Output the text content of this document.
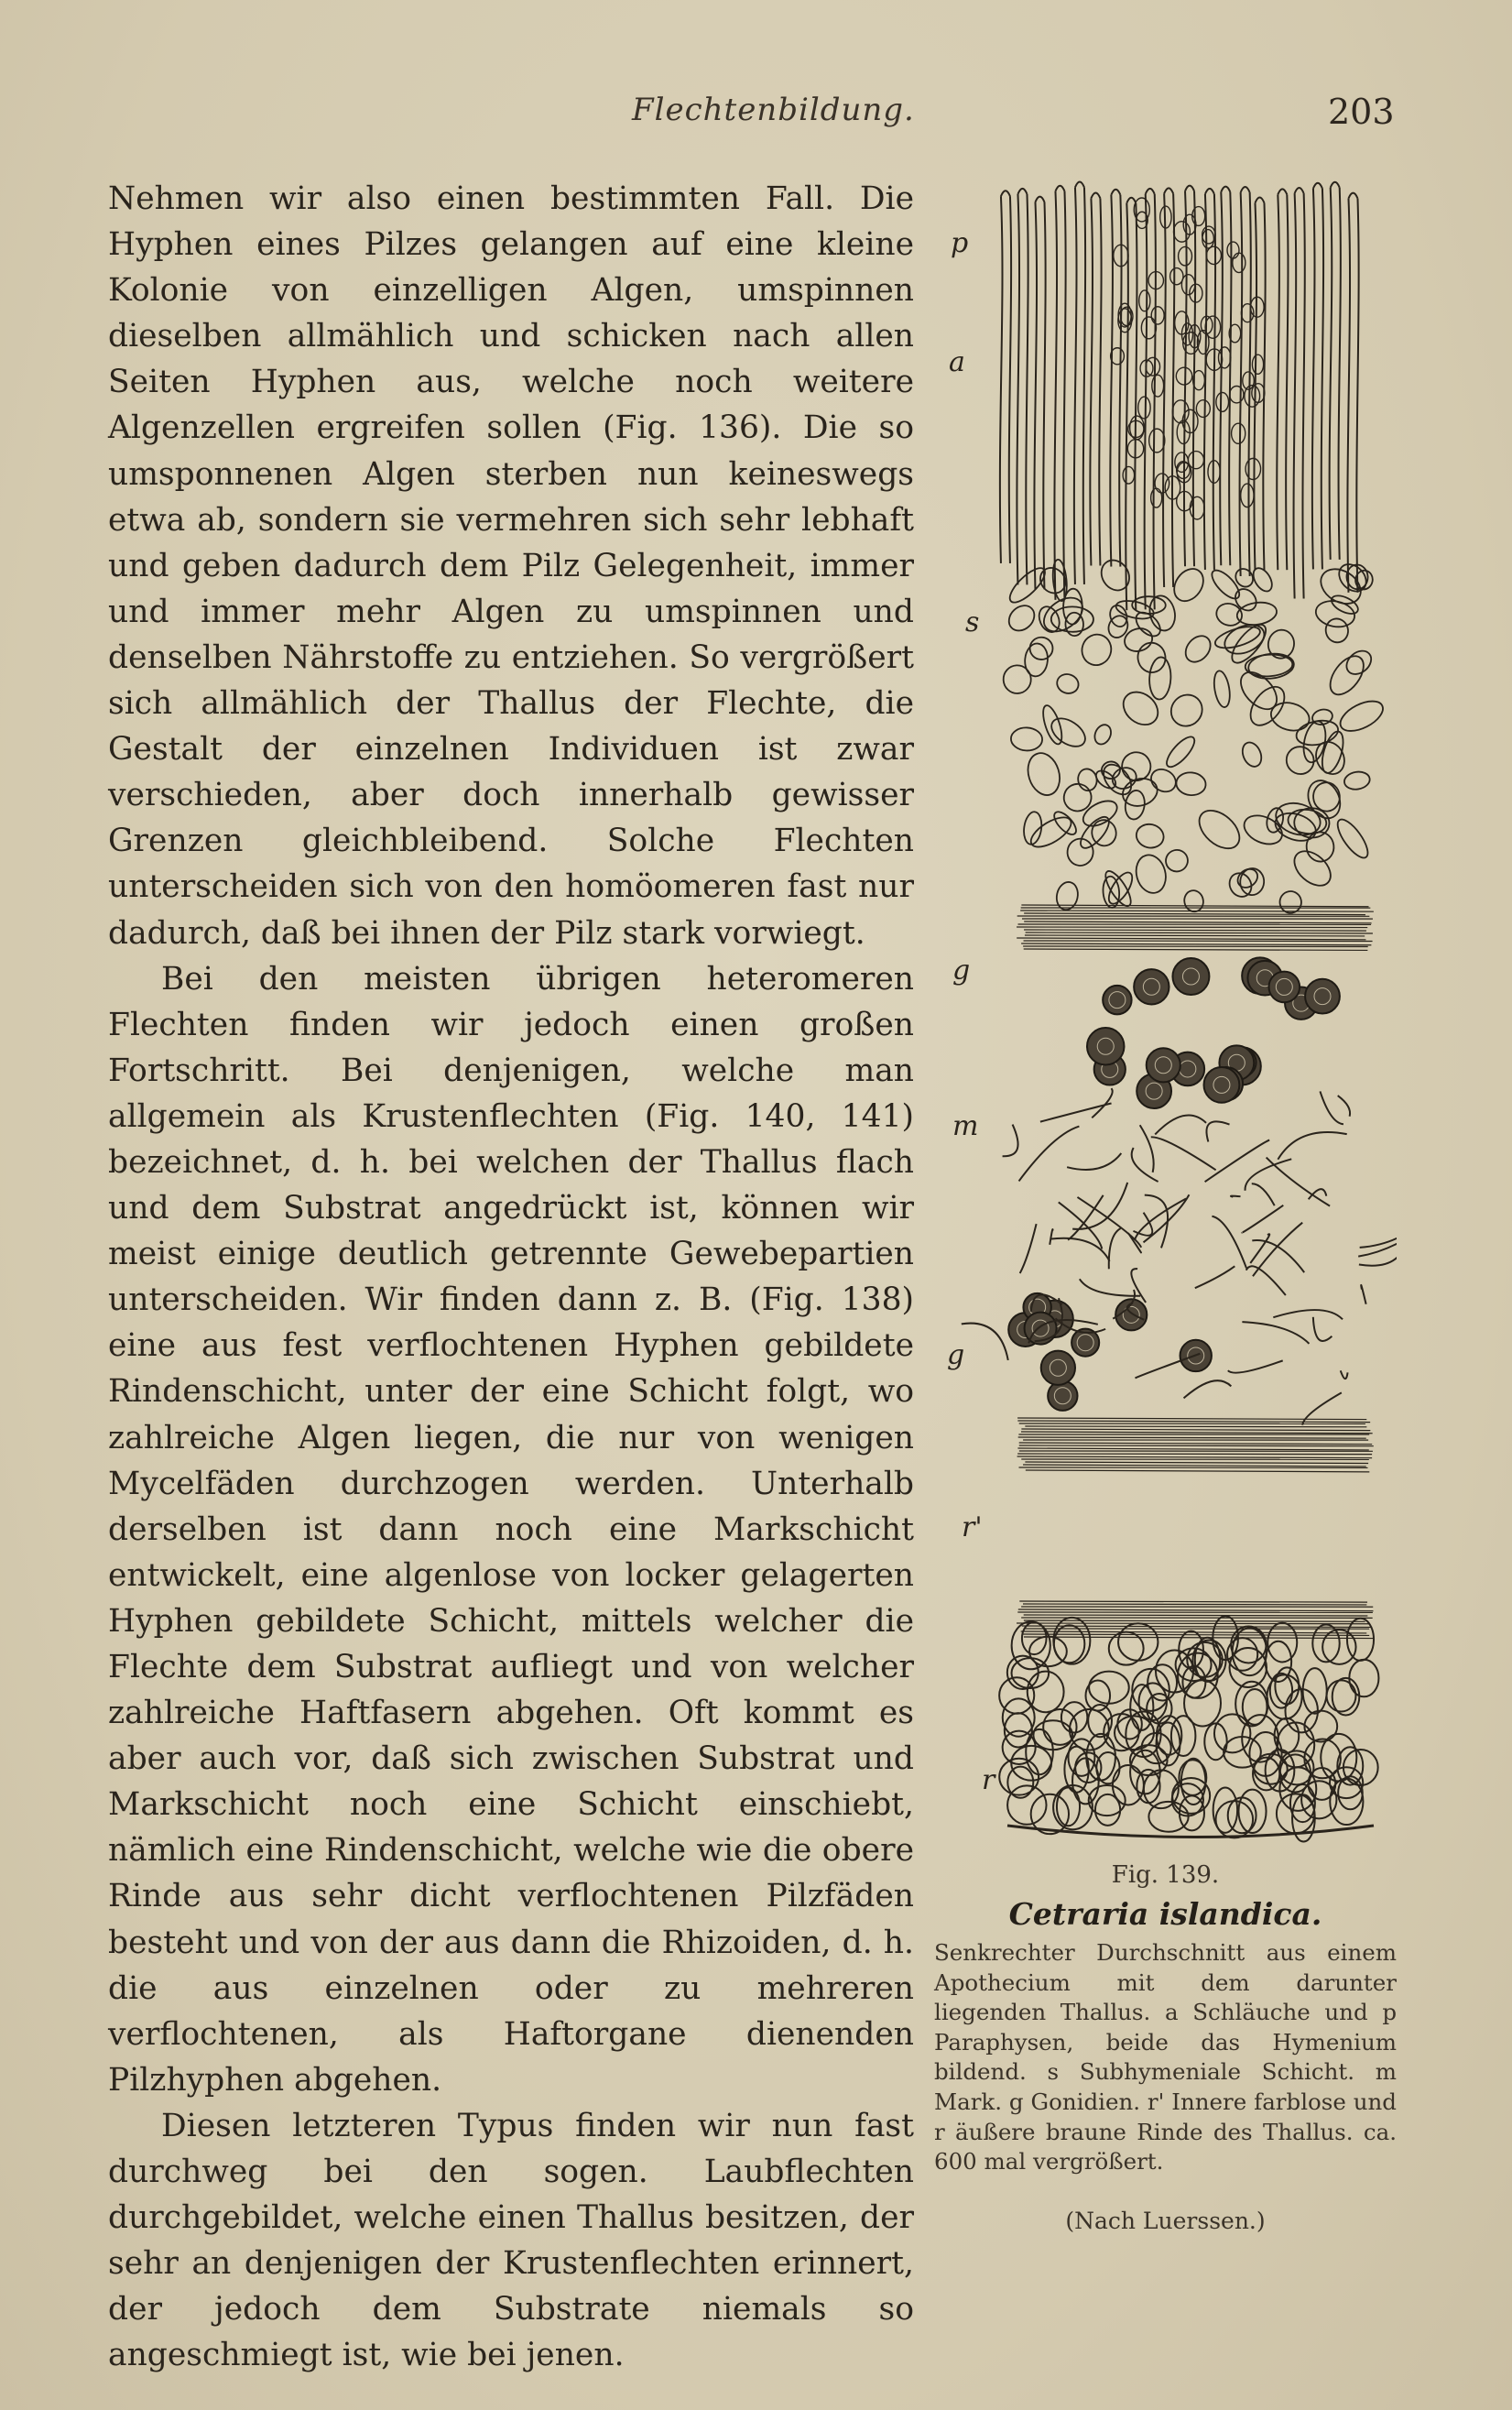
Flechtenbildung.	203

Nehmen wir also einen bestimmten Fall. Die Hyphen eines Pilzes gelangen auf eine kleine Kolonie von einzelligen Algen, umspinnen dieselben allmählich und schicken nach allen Seiten Hyphen aus, welche noch weitere Algenzellen ergreifen sollen (Fig. 136). Die so umsponnenen Algen sterben nun keineswegs etwa ab, sondern sie vermehren sich sehr lebhaft und geben dadurch dem Pilz Gelegenheit, immer und immer mehr Algen zu umspinnen und denselben Nährstoffe zu entziehen. So vergrößert sich allmählich der Thallus der Flechte, die Gestalt der einzelnen Individuen ist zwar verschieden, aber doch innerhalb gewisser Grenzen gleichbleibend. Solche Flechten unterscheiden sich von den homöomeren fast nur dadurch, daß bei ihnen der Pilz stark vorwiegt.

Bei den meisten übrigen heteromeren Flechten finden wir jedoch einen großen Fortschritt. Bei denjenigen, welche man allgemein als Krustenflechten (Fig. 140, 141) bezeichnet, d. h. bei welchen der Thallus flach und dem Substrat angedrückt ist, können wir meist einige deutlich getrennte Gewebepartien unterscheiden. Wir finden dann z. B. (Fig. 138) eine aus fest verflochtenen Hyphen gebildete Rindenschicht, unter der eine Schicht folgt, wo zahlreiche Algen liegen, die nur von wenigen Mycelfäden durchzogen werden. Unterhalb derselben ist dann noch eine Markschicht entwickelt, eine algenlose von locker gelagerten Hyphen gebildete Schicht, mittels welcher die Flechte dem Substrat aufliegt und von welcher zahlreiche Haftfasern abgehen. Oft kommt es aber auch vor, daß sich zwischen Substrat und Markschicht noch eine Schicht einschiebt, nämlich eine Rindenschicht, welche wie die obere Rinde aus sehr dicht verflochtenen Pilzfäden besteht und von der aus dann die Rhizoiden, d. h. die aus einzelnen oder zu mehreren verflochtenen, als Haftorgane dienenden Pilzhyphen abgehen.

Diesen letzteren Typus finden wir nun fast durchweg bei den sogen. Laubflechten durchgebildet, welche einen Thallus besitzen, der sehr an denjenigen der Krustenflechten erinnert, der jedoch dem Substrate niemals so angeschmiegt ist, wie bei jenen.

p
a
s
g
m
g
r'
r
Fig. 139.
Cetraria islandica.
Senkrechter Durchschnitt aus einem Apothecium mit dem darunter liegenden Thallus. a Schläuche und p Paraphysen, beide das Hymenium bildend. s Subhymeniale Schicht. m Mark. g Gonidien. r' Innere farblose und r äußere braune Rinde des Thallus. ca. 600 mal vergrößert.
(Nach Luerssen.)
